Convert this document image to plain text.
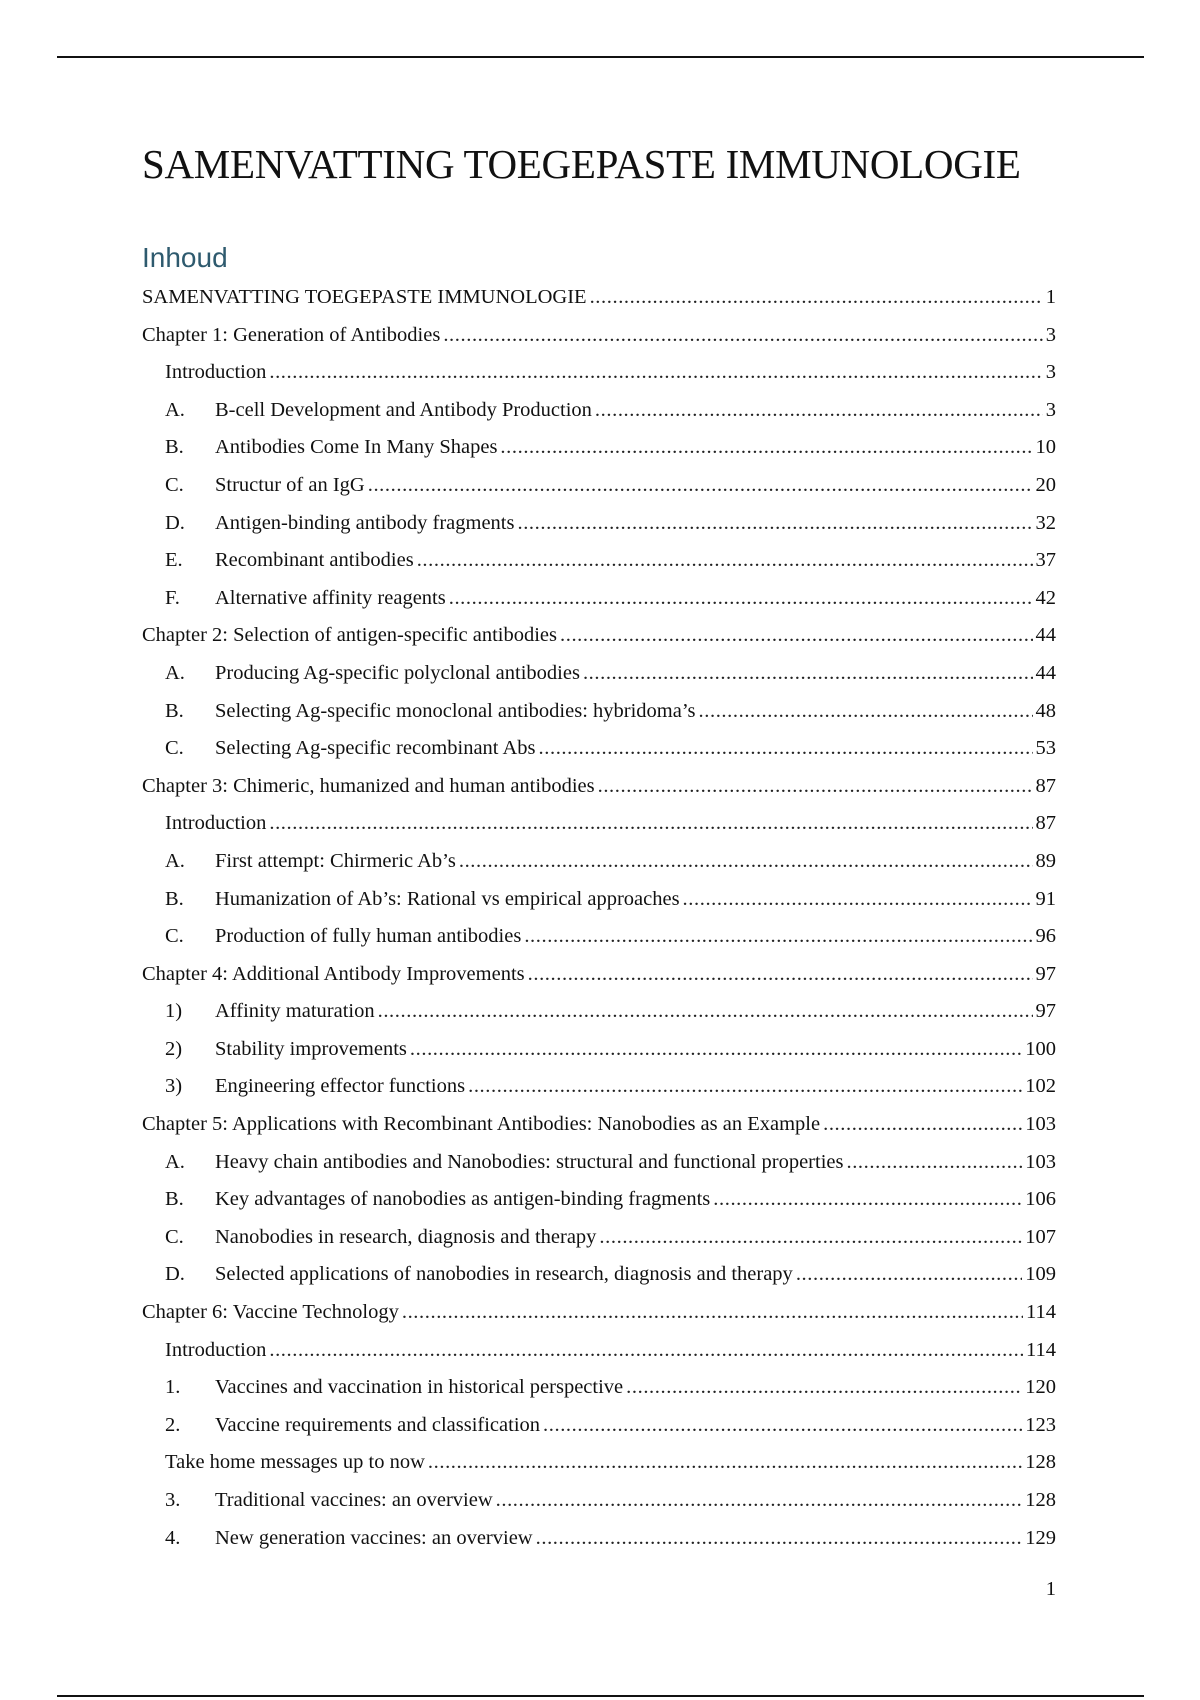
SAMENVATTING TOEGEPASTE IMMUNOLOGIE
Inhoud
SAMENVATTING TOEGEPASTE IMMUNOLOGIE .....	1
Chapter 1: Generation of Antibodies .....	3
Introduction .....	3
A.	B-cell Development and Antibody Production .....	3
B.	Antibodies Come In Many Shapes .....	10
C.	Structur of an IgG .....	20
D.	Antigen-binding antibody fragments .....	32
E.	Recombinant antibodies .....	37
F.	Alternative affinity reagents .....	42
Chapter 2: Selection of antigen-specific antibodies .....	44
A.	Producing Ag-specific polyclonal antibodies .....	44
B.	Selecting Ag-specific monoclonal antibodies: hybridoma’s .....	48
C.	Selecting Ag-specific recombinant Abs .....	53
Chapter 3: Chimeric, humanized and human antibodies .....	87
Introduction .....	87
A.	First attempt: Chirmeric Ab’s .....	89
B.	Humanization of Ab’s: Rational vs empirical approaches .....	91
C.	Production of fully human antibodies .....	96
Chapter 4: Additional Antibody Improvements .....	97
1)	Affinity maturation .....	97
2)	Stability improvements .....	100
3)	Engineering effector functions .....	102
Chapter 5: Applications with Recombinant Antibodies: Nanobodies as an Example .....	103
A.	Heavy chain antibodies and Nanobodies: structural and functional properties .....	103
B.	Key advantages of nanobodies as antigen-binding fragments .....	106
C.	Nanobodies in research, diagnosis and therapy .....	107
D.	Selected applications of nanobodies in research, diagnosis and therapy .....	109
Chapter 6: Vaccine Technology .....	114
Introduction .....	114
1.	Vaccines and vaccination in historical perspective .....	120
2.	Vaccine requirements and classification .....	123
Take home messages up to now .....	128
3.	Traditional vaccines: an overview .....	128
4.	New generation vaccines: an overview .....	129
1
